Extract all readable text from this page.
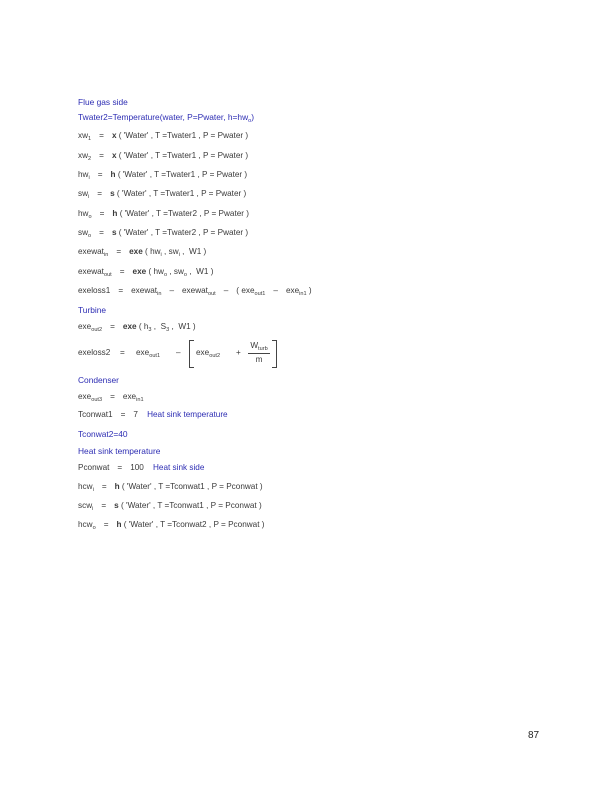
Flue gas side
Twater2=Temperature(water, P=Pwater, $h=hw_o$)
$xw_1 = x$ ( 'Water' , T =Twater1 , P = Pwater )
$xw_2 = x$ ( 'Water' , T =Twater1 , P = Pwater )
$hw_i = h$ ( 'Water' , T =Twater1 , P = Pwater )
$sw_i = s$ ( 'Water' , T =Twater1 , P = Pwater )
$hw_o = h$ ( 'Water' , T =Twater2 , P = Pwater )
$sw_o = s$ ( 'Water' , T =Twater2 , P = Pwater )
exewat$_{in}$ = exe ( $hw_i$ , $sw_i$ ,  W1 )
exewat$_{out}$ = exe ( $hw_o$ , $sw_o$ ,  W1 )
exeloss1 = exewat$_{in}$ – exewat$_{out}$ – ( exe$_{out1}$ – exe$_{in1}$ )
Turbine
exe$_{out2}$ = exe ( $h_3$ ,  $S_3$ ,  W1 )
exeloss2 = exe$_{out1}$ – exe$_{out2}$ +
$W_{turb}$
m
Condenser
exe$_{out3}$ = exe$_{in1}$
Tconwat1 = 7 Heat sink temperature
Tconwat2=40
Heat sink temperature
Pconwat = 100 Heat sink side
hcw$_i$ = h ( 'Water' , T =Tconwat1 , P = Pconwat )
scw$_i$ = s ( 'Water' , T =Tconwat1 , P = Pconwat )
hcw$_o$ = h ( 'Water' , T =Tconwat2 , P = Pconwat )
87
